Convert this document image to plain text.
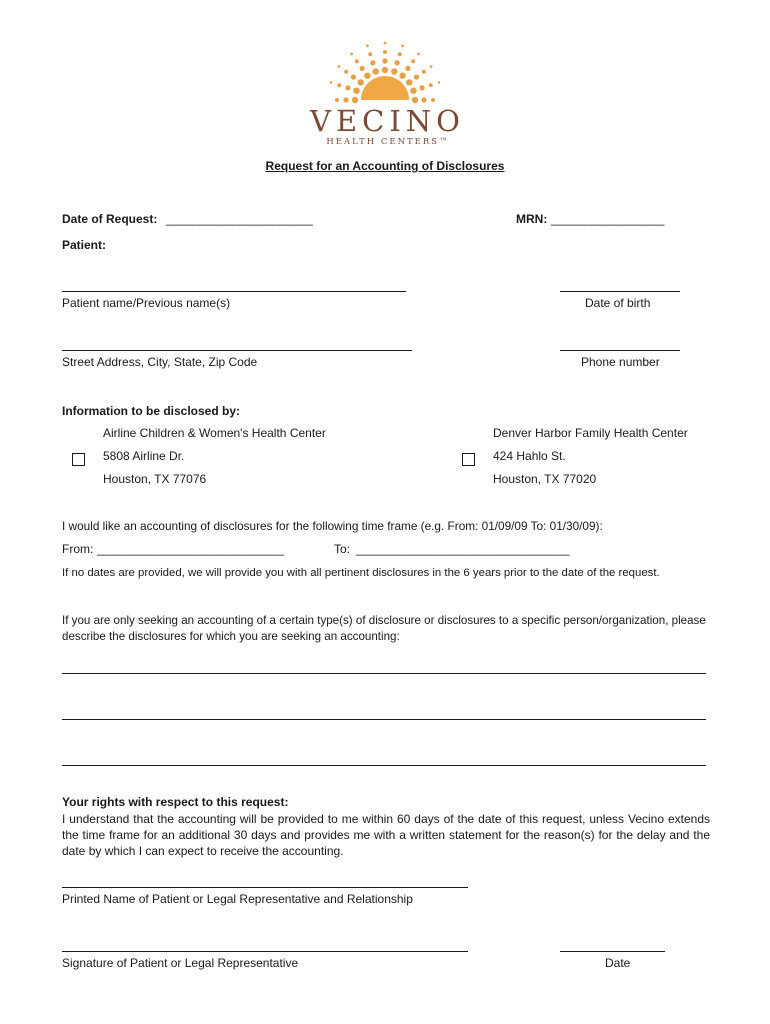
VECINO
HEALTH CENTERS™
Request for an Accounting of Disclosures
Date of Request: ______________________	MRN: _________________
Patient:
Patient name/Previous name(s)	Date of birth
Street Address, City, State, Zip Code	Phone number
Information to be disclosed by:
Airline Children & Women's Health Center
5808 Airline Dr.
Houston, TX 77076
Denver Harbor Family Health Center
424 Hahlo St.
Houston, TX 77020
I would like an accounting of disclosures for the following time frame (e.g. From: 01/09/09 To: 01/30/09):
From: ____________________________	To: ________________________________
If no dates are provided, we will provide you with all pertinent disclosures in the 6 years prior to the date of the request.
If you are only seeking an accounting of a certain type(s) of disclosure or disclosures to a specific person/organization, please describe the disclosures for which you are seeking an accounting:
Your rights with respect to this request:
I understand that the accounting will be provided to me within 60 days of the date of this request, unless Vecino extends the time frame for an additional 30 days and provides me with a written statement for the reason(s) for the delay and the date by which I can expect to receive the accounting.
Printed Name of Patient or Legal Representative and Relationship
Signature of Patient or Legal Representative	Date
